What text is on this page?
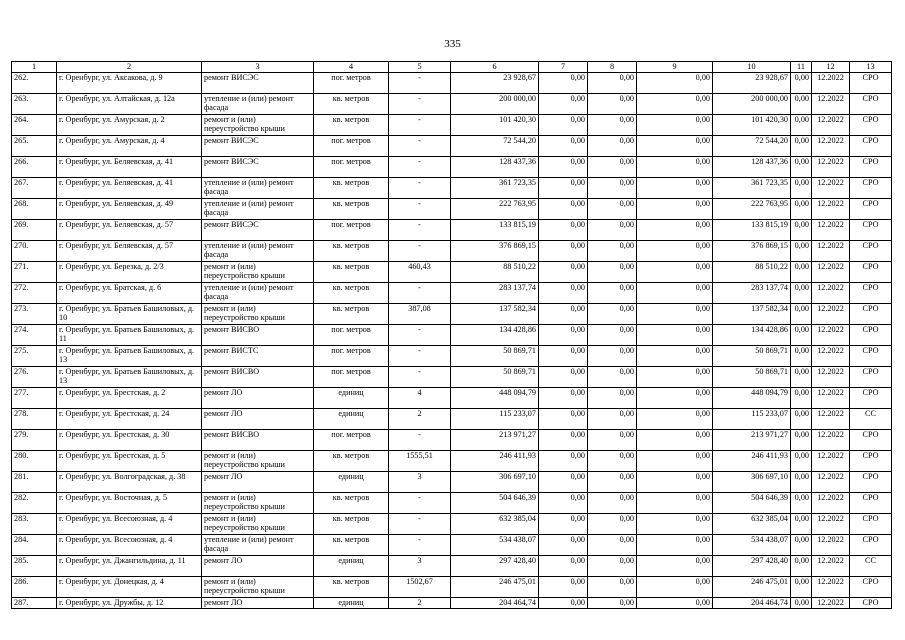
335
1	2	3	4	5	6	7	8	9	10	11	12	13
262.	г. Оренбург, ул. Аксакова, д. 9	ремонт ВИСЭС	пог. метров	-	23 928,67	0,00	0,00	0,00	23 928,67	0,00	12.2022	СРО
263.	г. Оренбург, ул. Алтайская, д. 12а	утепление и (или) ремонт фасада	кв. метров	-	200 000,00	0,00	0,00	0,00	200 000,00	0,00	12.2022	СРО
264.	г. Оренбург, ул. Амурская, д. 2	ремонт и (или) переустройство крыши	кв. метров	-	101 420,30	0,00	0,00	0,00	101 420,30	0,00	12.2022	СРО
265.	г. Оренбург, ул. Амурская, д. 4	ремонт ВИСЭС	пог. метров	-	72 544,20	0,00	0,00	0,00	72 544,20	0,00	12.2022	СРО
266.	г. Оренбург, ул. Беляевская, д. 41	ремонт ВИСЭС	пог. метров	-	128 437,36	0,00	0,00	0,00	128 437,36	0,00	12.2022	СРО
267.	г. Оренбург, ул. Беляевская, д. 41	утепление и (или) ремонт фасада	кв. метров	-	361 723,35	0,00	0,00	0,00	361 723,35	0,00	12.2022	СРО
268.	г. Оренбург, ул. Беляевская, д. 49	утепление и (или) ремонт фасада	кв. метров	-	222 763,95	0,00	0,00	0,00	222 763,95	0,00	12.2022	СРО
269.	г. Оренбург, ул. Беляевская, д. 57	ремонт ВИСЭС	пог. метров	-	133 815,19	0,00	0,00	0,00	133 815,19	0,00	12.2022	СРО
270.	г. Оренбург, ул. Беляевская, д. 57	утепление и (или) ремонт фасада	кв. метров	-	376 869,15	0,00	0,00	0,00	376 869,15	0,00	12.2022	СРО
271.	г. Оренбург, ул. Березка, д. 2/3	ремонт и (или) переустройство крыши	кв. метров	460,43	88 510,22	0,00	0,00	0,00	88 510,22	0,00	12.2022	СРО
272.	г. Оренбург, ул. Братская, д. 6	утепление и (или) ремонт фасада	кв. метров	-	283 137,74	0,00	0,00	0,00	283 137,74	0,00	12.2022	СРО
273.	г. Оренбург, ул. Братьев Башиловых, д. 10	ремонт и (или) переустройство крыши	кв. метров	387,08	137 582,34	0,00	0,00	0,00	137 582,34	0,00	12.2022	СРО
274.	г. Оренбург, ул. Братьев Башиловых, д. 11	ремонт ВИСВО	пог. метров	-	134 428,86	0,00	0,00	0,00	134 428,86	0,00	12.2022	СРО
275.	г. Оренбург, ул. Братьев Башиловых, д. 13	ремонт ВИСТС	пог. метров	-	50 869,71	0,00	0,00	0,00	50 869,71	0,00	12.2022	СРО
276.	г. Оренбург, ул. Братьев Башиловых, д. 13	ремонт ВИСВО	пог. метров	-	50 869,71	0,00	0,00	0,00	50 869,71	0,00	12.2022	СРО
277.	г. Оренбург, ул. Брестская, д. 2	ремонт ЛО	единиц	4	448 094,79	0,00	0,00	0,00	448 094,79	0,00	12.2022	СРО
278.	г. Оренбург, ул. Брестская, д. 24	ремонт ЛО	единиц	2	115 233,07	0,00	0,00	0,00	115 233,07	0,00	12.2022	СС
279.	г. Оренбург, ул. Брестская, д. 30	ремонт ВИСВО	пог. метров	-	213 971,27	0,00	0,00	0,00	213 971,27	0,00	12.2022	СРО
280.	г. Оренбург, ул. Брестская, д. 5	ремонт и (или) переустройство крыши	кв. метров	1555,51	246 411,93	0,00	0,00	0,00	246 411,93	0,00	12.2022	СРО
281.	г. Оренбург, ул. Волгоградская, д. 38	ремонт ЛО	единиц	3	306 697,10	0,00	0,00	0,00	306 697,10	0,00	12.2022	СРО
282.	г. Оренбург, ул. Восточная, д. 5	ремонт и (или) переустройство крыши	кв. метров	-	504 646,39	0,00	0,00	0,00	504 646,39	0,00	12.2022	СРО
283.	г. Оренбург, ул. Всесоюзная, д. 4	ремонт и (или) переустройство крыши	кв. метров	-	632 385,04	0,00	0,00	0,00	632 385,04	0,00	12.2022	СРО
284.	г. Оренбург, ул. Всесоюзная, д. 4	утепление и (или) ремонт фасада	кв. метров	-	534 438,07	0,00	0,00	0,00	534 438,07	0,00	12.2022	СРО
285.	г. Оренбург, ул. Джангильдина, д. 11	ремонт ЛО	единиц	3	297 428,40	0,00	0,00	0,00	297 428,40	0,00	12.2022	СС
286.	г. Оренбург, ул. Донецкая, д. 4	ремонт и (или) переустройство крыши	кв. метров	1502,67	246 475,01	0,00	0,00	0,00	246 475,01	0,00	12.2022	СРО
287.	г. Оренбург, ул. Дружбы, д. 12	ремонт ЛО	единиц	2	204 464,74	0,00	0,00	0,00	204 464,74	0,00	12.2022	СРО
